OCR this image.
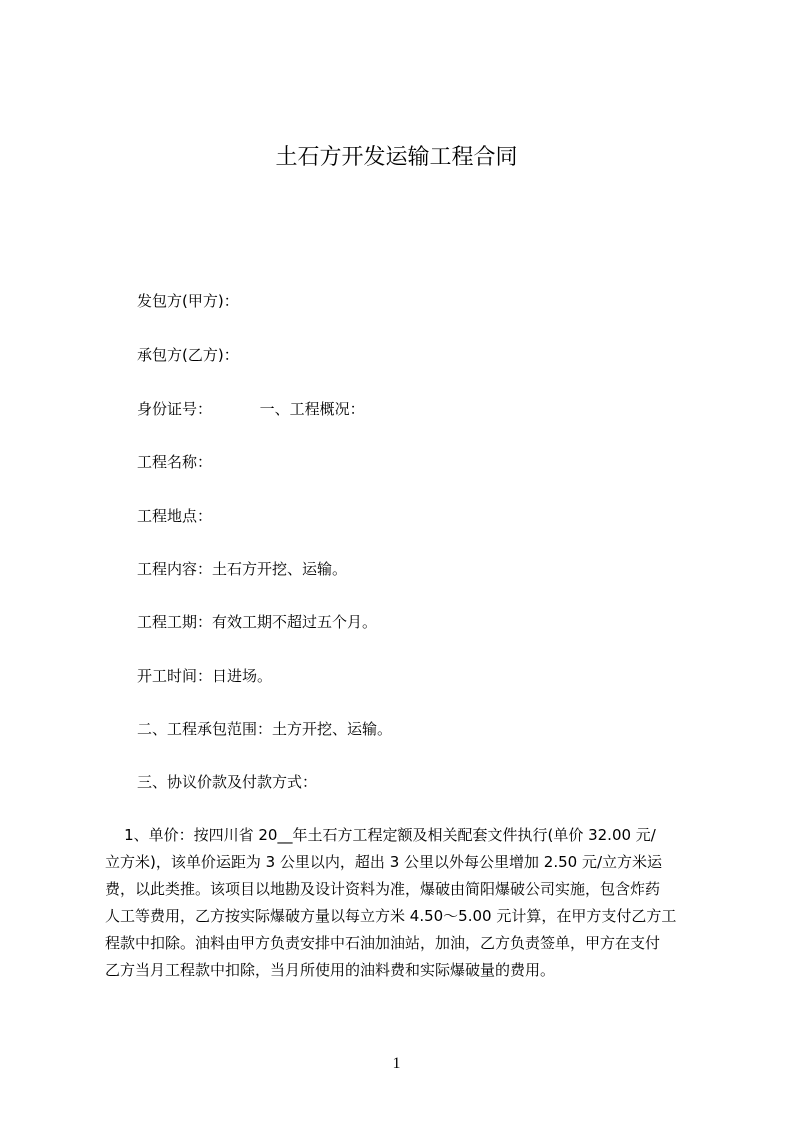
土石方开发运输工程合同
发包方(甲方)：
承包方(乙方)：
身份证号：          一、工程概况：
工程名称：
工程地点：
工程内容：土石方开挖、运输。
工程工期：有效工期不超过五个月。
开工时间：日进场。
二、工程承包范围：土方开挖、运输。
三、协议价款及付款方式：
1、单价：按四川省 20__年土石方工程定额及相关配套文件执行(单价 32.00 元/
立方米)，该单价运距为 3 公里以内，超出 3 公里以外每公里增加 2.50 元/立方米运
费，以此类推。该项目以地勘及设计资料为准，爆破由简阳爆破公司实施，包含炸药
人工等费用，乙方按实际爆破方量以每立方米 4.50～5.00 元计算，在甲方支付乙方工
程款中扣除。油料由甲方负责安排中石油加油站，加油，乙方负责签单，甲方在支付
乙方当月工程款中扣除，当月所使用的油料费和实际爆破量的费用。
1
